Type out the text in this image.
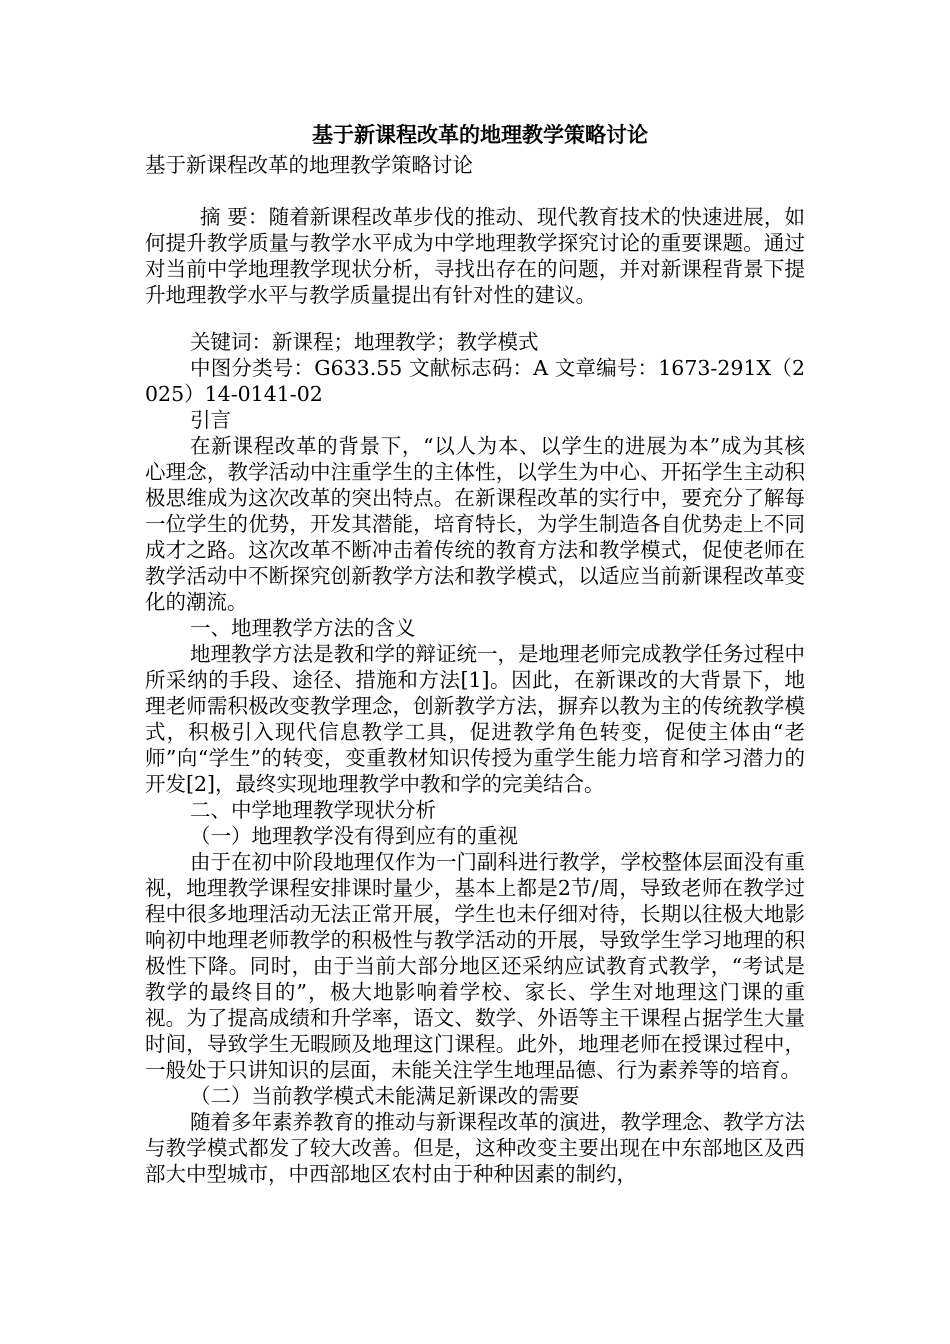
基于新课程改革的地理教学策略讨论

基于新课程改革的地理教学策略讨论

摘 要：随着新课程改革步伐的推动、现代教育技术的快速进展，如何提升教学质量与教学水平成为中学地理教学探究讨论的重要课题。通过对当前中学地理教学现状分析，寻找出存在的问题，并对新课程背景下提升地理教学水平与教学质量提出有针对性的建议。

关键词：新课程；地理教学；教学模式

中图分类号：G633.55 文献标志码：A 文章编号：1673-291X（2025）14-0141-02

引言

在新课程改革的背景下，“以人为本、以学生的进展为本”成为其核心理念，教学活动中注重学生的主体性，以学生为中心、开拓学生主动积极思维成为这次改革的突出特点。在新课程改革的实行中，要充分了解每一位学生的优势，开发其潜能，培育特长，为学生制造各自优势走上不同成才之路。这次改革不断冲击着传统的教育方法和教学模式，促使老师在教学活动中不断探究创新教学方法和教学模式，以适应当前新课程改革变化的潮流。

一、地理教学方法的含义

地理教学方法是教和学的辩证统一，是地理老师完成教学任务过程中所采纳的手段、途径、措施和方法[1]。因此，在新课改的大背景下，地理老师需积极改变教学理念，创新教学方法，摒弃以教为主的传统教学模式，积极引入现代信息教学工具，促进教学角色转变，促使主体由“老师”向“学生”的转变，变重教材知识传授为重学生能力培育和学习潜力的开发[2]，最终实现地理教学中教和学的完美结合。

二、中学地理教学现状分析

（一）地理教学没有得到应有的重视

由于在初中阶段地理仅作为一门副科进行教学，学校整体层面没有重视，地理教学课程安排课时量少，基本上都是2节/周，导致老师在教学过程中很多地理活动无法正常开展，学生也未仔细对待，长期以往极大地影响初中地理老师教学的积极性与教学活动的开展，导致学生学习地理的积极性下降。同时，由于当前大部分地区还采纳应试教育式教学，“考试是教学的最终目的”，极大地影响着学校、家长、学生对地理这门课的重视。为了提高成绩和升学率，语文、数学、外语等主干课程占据学生大量时间，导致学生无暇顾及地理这门课程。此外，地理老师在授课过程中，一般处于只讲知识的层面，未能关注学生地理品德、行为素养等的培育。

（二）当前教学模式未能满足新课改的需要

随着多年素养教育的推动与新课程改革的演进，教学理念、教学方法与教学模式都发了较大改善。但是，这种改变主要出现在中东部地区及西部大中型城市，中西部地区农村由于种种因素的制约，
